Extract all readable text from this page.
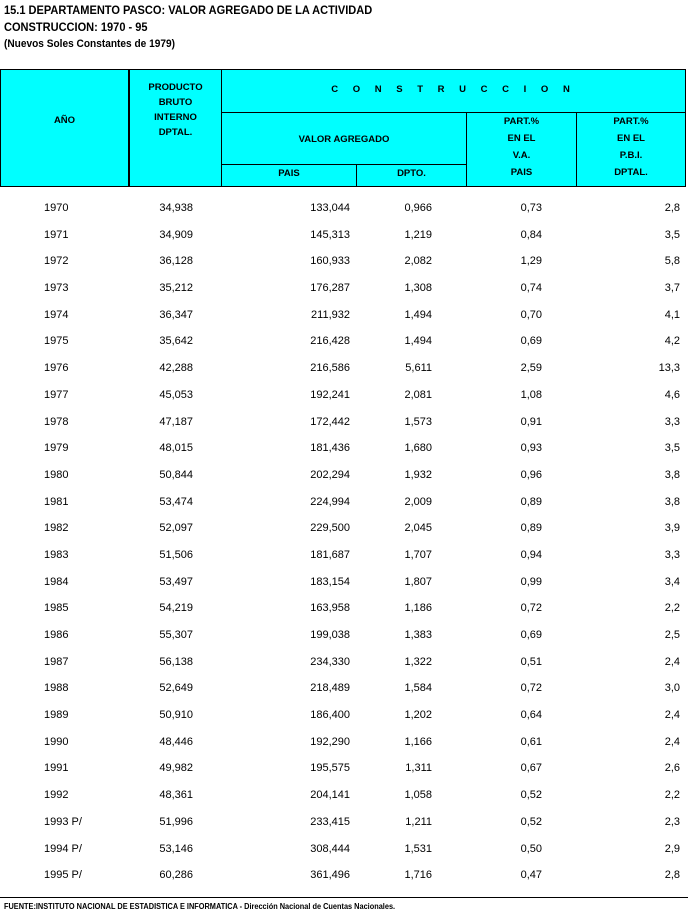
15.1 DEPARTAMENTO PASCO: VALOR AGREGADO DE LA ACTIVIDAD
CONSTRUCCION: 1970 - 95
(Nuevos Soles Constantes de 1979)
AÑO
PRODUCTO
BRUTO
INTERNO
DPTAL.
C O N S T R U C C I O N
VALOR AGREGADO
PAIS	DPTO.
PART.%
EN EL
V.A.
PAIS
PART.%
EN EL
P.B.I.
DPTAL.
1970	34,938	133,044	0,966	0,73	2,8
1971	34,909	145,313	1,219	0,84	3,5
1972	36,128	160,933	2,082	1,29	5,8
1973	35,212	176,287	1,308	0,74	3,7
1974	36,347	211,932	1,494	0,70	4,1
1975	35,642	216,428	1,494	0,69	4,2
1976	42,288	216,586	5,611	2,59	13,3
1977	45,053	192,241	2,081	1,08	4,6
1978	47,187	172,442	1,573	0,91	3,3
1979	48,015	181,436	1,680	0,93	3,5
1980	50,844	202,294	1,932	0,96	3,8
1981	53,474	224,994	2,009	0,89	3,8
1982	52,097	229,500	2,045	0,89	3,9
1983	51,506	181,687	1,707	0,94	3,3
1984	53,497	183,154	1,807	0,99	3,4
1985	54,219	163,958	1,186	0,72	2,2
1986	55,307	199,038	1,383	0,69	2,5
1987	56,138	234,330	1,322	0,51	2,4
1988	52,649	218,489	1,584	0,72	3,0
1989	50,910	186,400	1,202	0,64	2,4
1990	48,446	192,290	1,166	0,61	2,4
1991	49,982	195,575	1,311	0,67	2,6
1992	48,361	204,141	1,058	0,52	2,2
1993 P/	51,996	233,415	1,211	0,52	2,3
1994 P/	53,146	308,444	1,531	0,50	2,9
1995 P/	60,286	361,496	1,716	0,47	2,8
FUENTE:INSTITUTO NACIONAL DE ESTADISTICA E INFORMATICA - Dirección Nacional de Cuentas Nacionales.
